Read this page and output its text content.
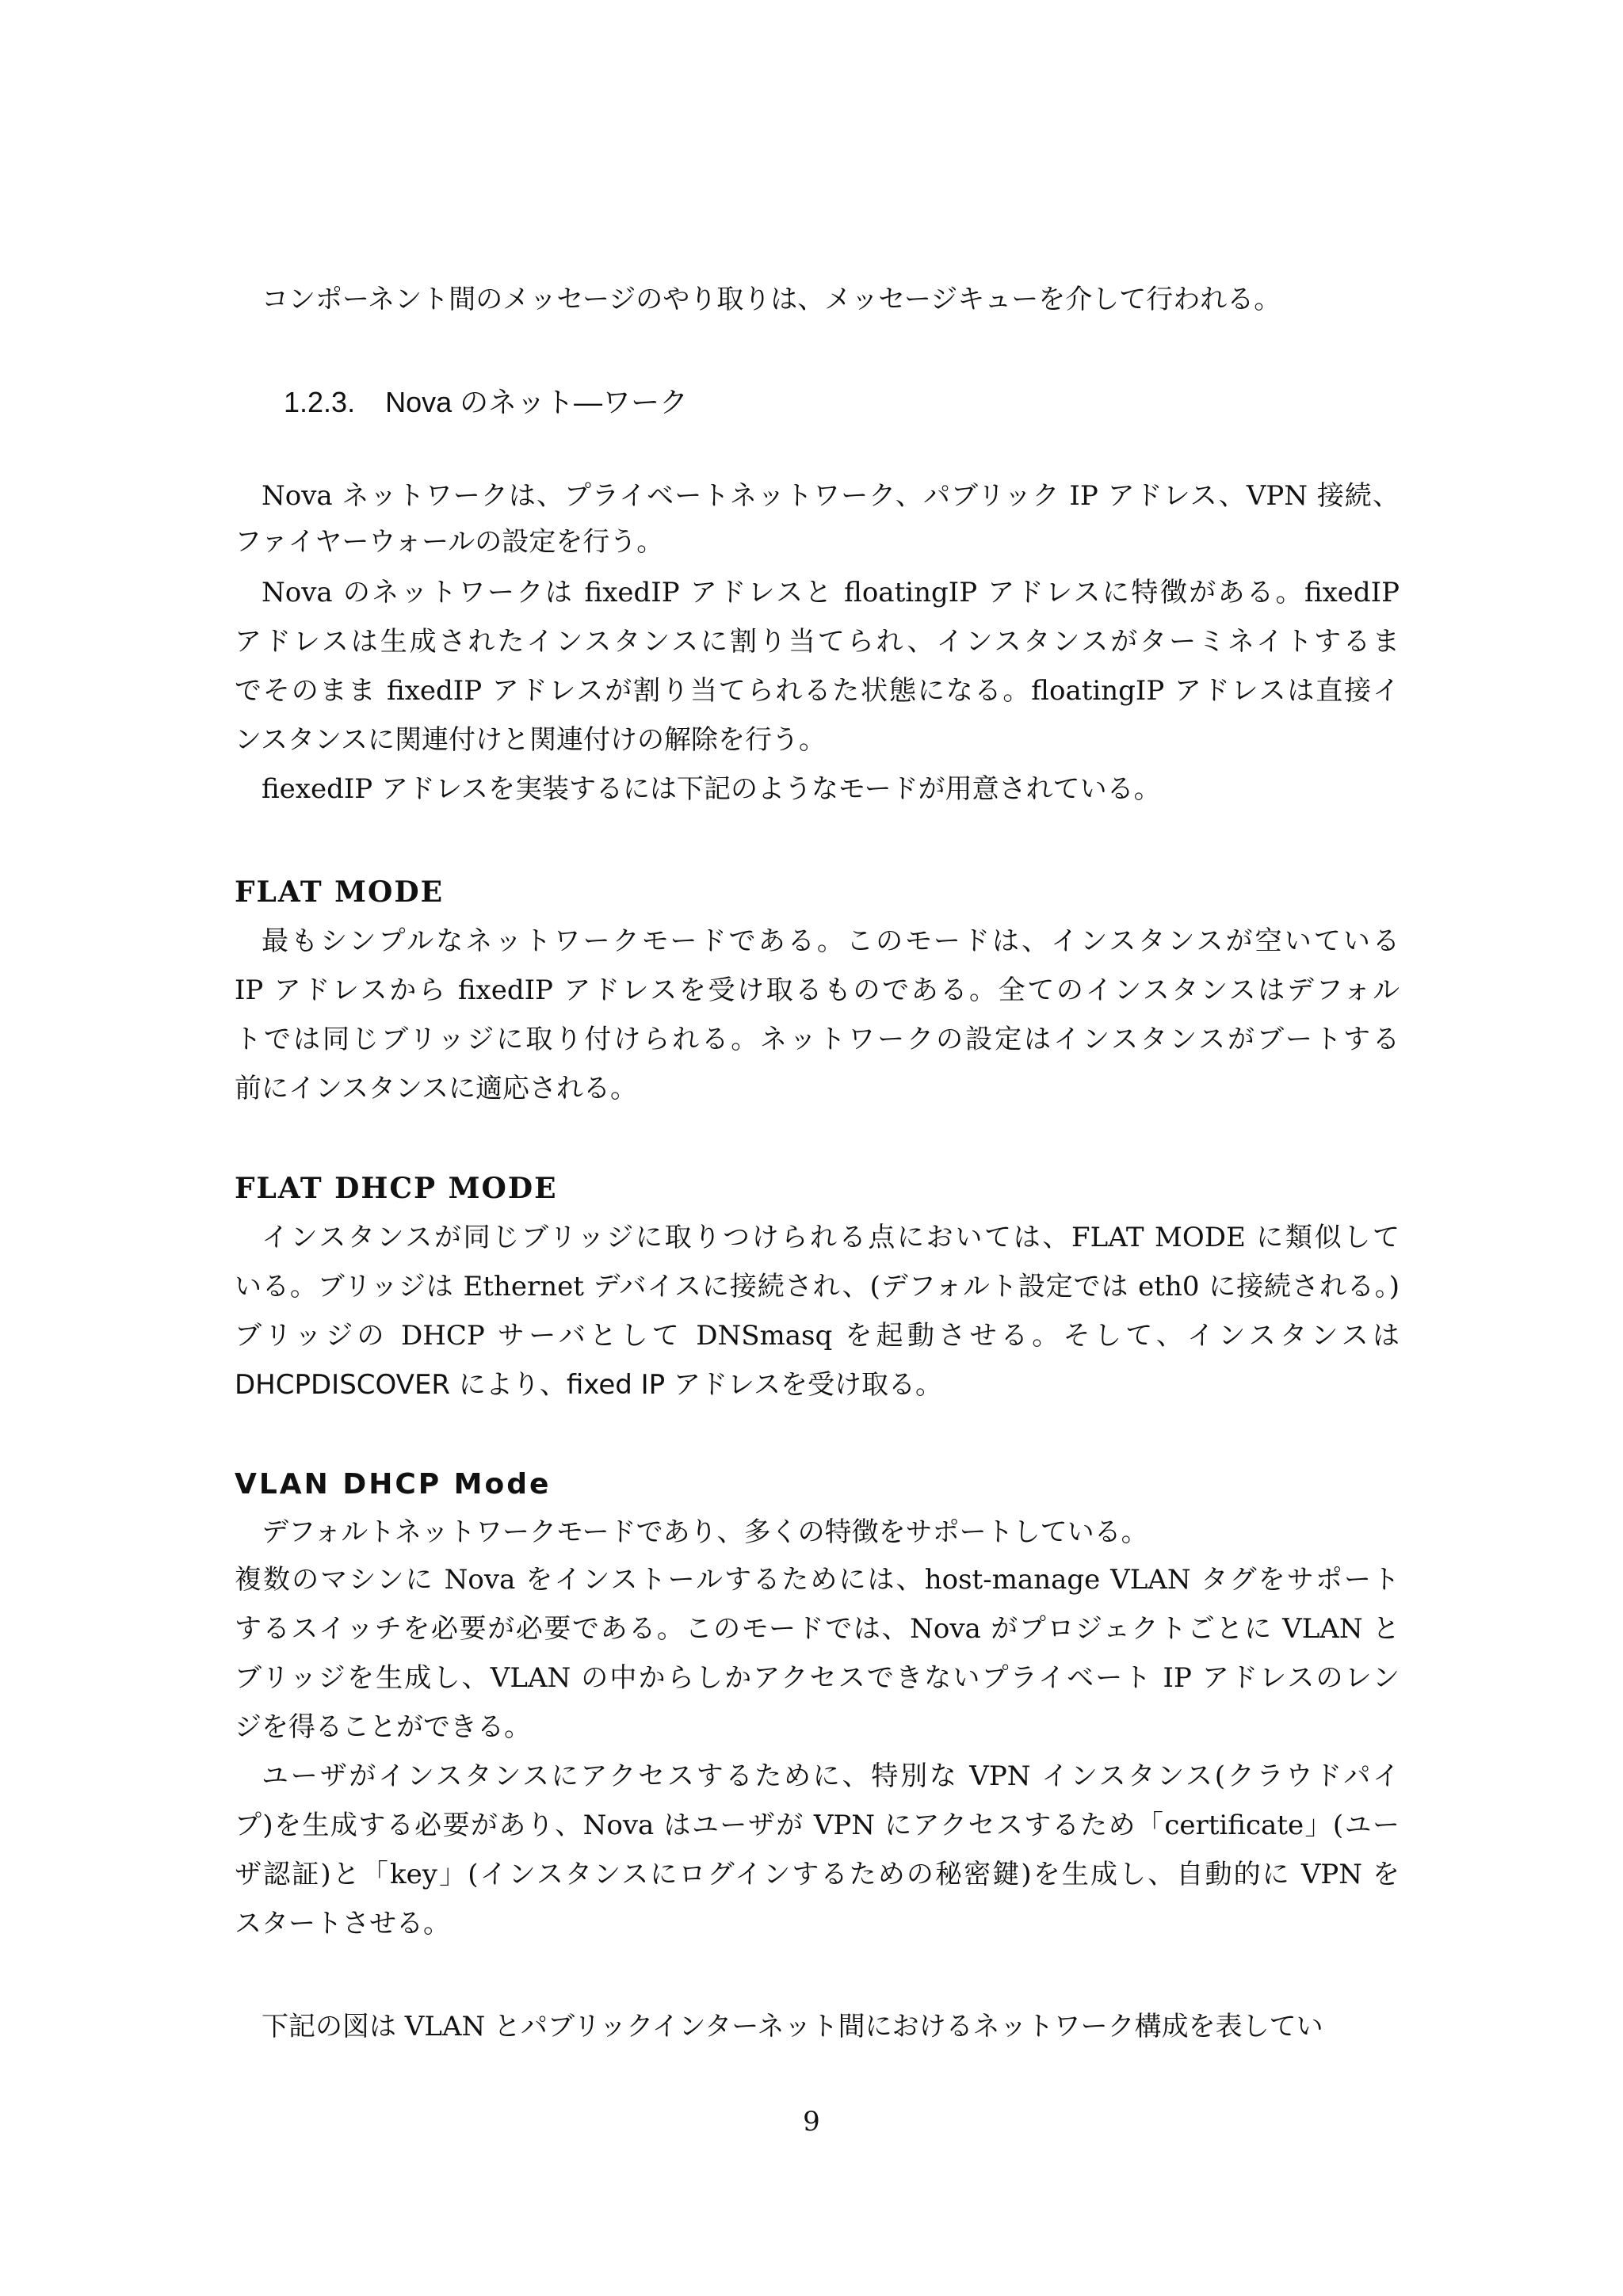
コンポーネント間のメッセージのやり取りは、メッセージキューを介して行われる。

1.2.3. Nova のネット—ワーク

Nova ネットワークは、プライベートネットワーク、パブリック IP アドレス、VPN 接続、

ファイヤーウォールの設定を行う。

Nova のネットワークは fixedIP アドレスと floatingIP アドレスに特徴がある。fixedIP

アドレスは生成されたインスタンスに割り当てられ、インスタンスがターミネイトするま

でそのまま fixedIP アドレスが割り当てられるた状態になる。floatingIP アドレスは直接イ

ンスタンスに関連付けと関連付けの解除を行う。

fiexedIP アドレスを実装するには下記のようなモードが用意されている。

FLAT MODE

最もシンプルなネットワークモードである。このモードは、インスタンスが空いている

IP アドレスから fixedIP アドレスを受け取るものである。全てのインスタンスはデフォル

トでは同じブリッジに取り付けられる。ネットワークの設定はインスタンスがブートする

前にインスタンスに適応される。

FLAT DHCP MODE

インスタンスが同じブリッジに取りつけられる点においては、FLAT MODE に類似して

いる。ブリッジは Ethernet デバイスに接続され、(デフォルト設定では eth0 に接続される。)

ブリッジの DHCP サーバとして DNSmasq を起動させる。そして、インスタンスは

DHCPDISCOVER により、fixed IP アドレスを受け取る。

VLAN DHCP Mode

デフォルトネットワークモードであり、多くの特徴をサポートしている。

複数のマシンに Nova をインストールするためには、host-manage VLAN タグをサポート

するスイッチを必要が必要である。このモードでは、Nova がプロジェクトごとに VLAN と

ブリッジを生成し、VLAN の中からしかアクセスできないプライベート IP アドレスのレン

ジを得ることができる。

ユーザがインスタンスにアクセスするために、特別な VPN インスタンス(クラウドパイ

プ)を生成する必要があり、Nova はユーザが VPN にアクセスするため「certificate」(ユー

ザ認証)と「key」(インスタンスにログインするための秘密鍵)を生成し、自動的に VPN を

スタートさせる。

下記の図は VLAN とパブリックインターネット間におけるネットワーク構成を表してい

9
